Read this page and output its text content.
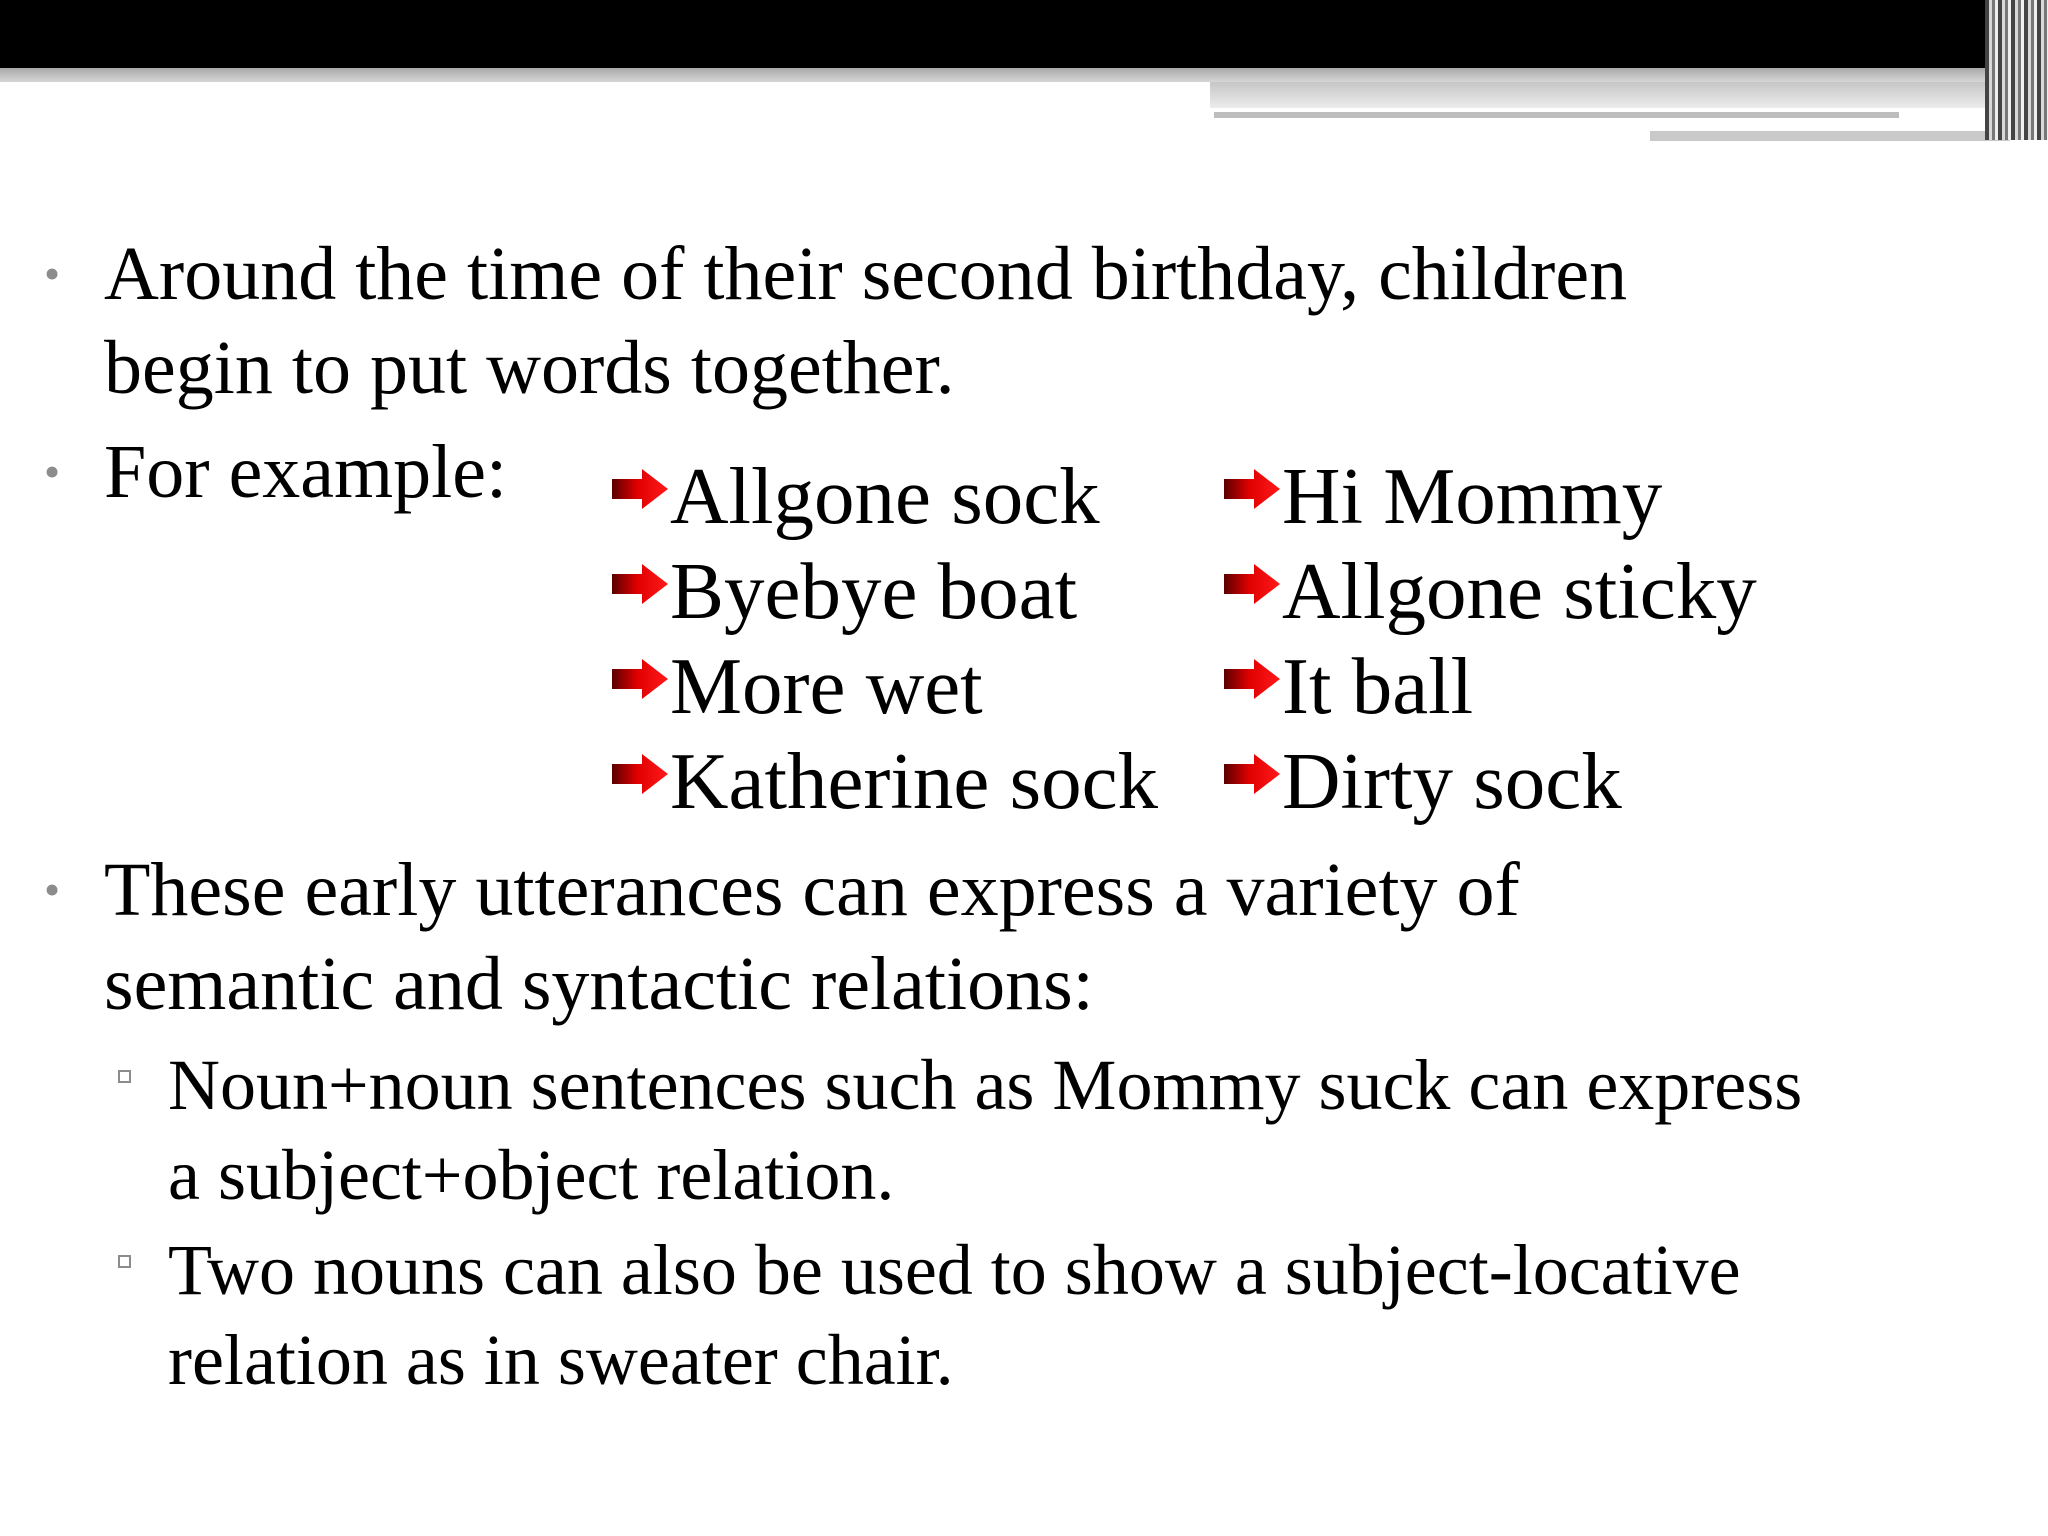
• Around the time of their second birthday, children
begin to put words together.
• For example:	Allgone sock
Byebye boat
More wet
Katherine sock
Hi Mommy
Allgone sticky
It ball
Dirty sock
• These early utterances can express a variety of
semantic and syntactic relations:
Noun+noun sentences such as Mommy suck can express
a subject+object relation.
Two nouns can also be used to show a subject-locative
relation as in sweater chair.
